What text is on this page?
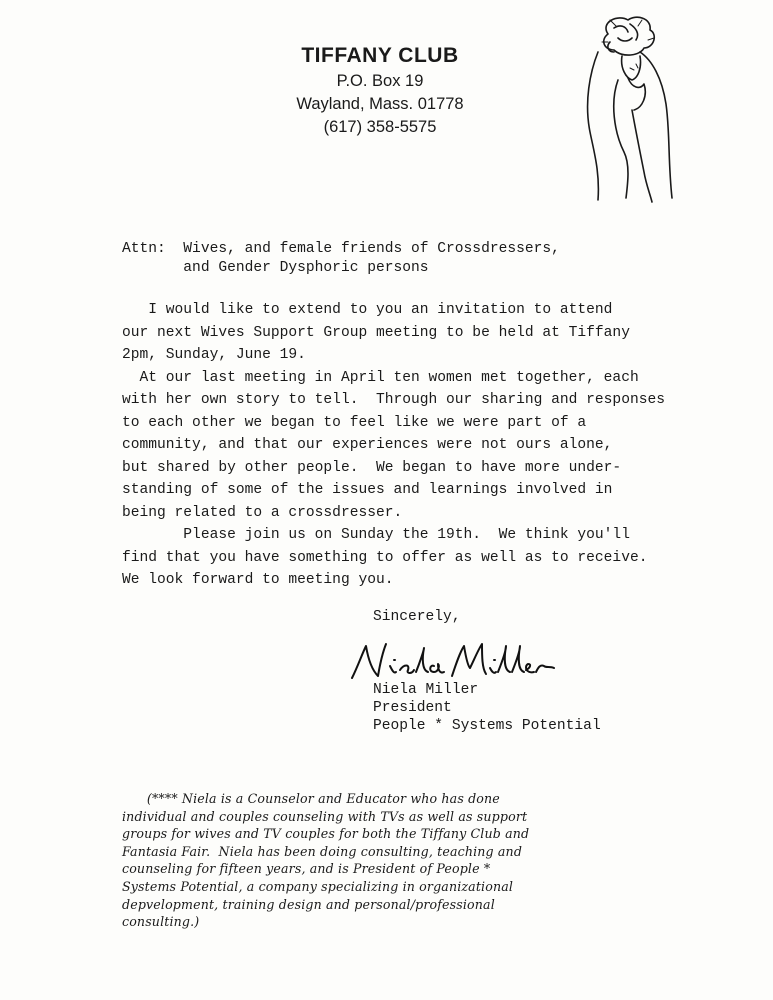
TIFFANY CLUB
P.O. Box 19
Wayland, Mass. 01778
(617) 358-5575
Attn:  Wives, and female friends of Crossdressers,
and Gender Dysphoric persons
I would like to extend to you an invitation to attend
our next Wives Support Group meeting to be held at Tiffany
2pm, Sunday, June 19.
At our last meeting in April ten women met together, each
with her own story to tell.  Through our sharing and responses
to each other we began to feel like we were part of a
community, and that our experiences were not ours alone,
but shared by other people.  We began to have more under-
standing of some of the issues and learnings involved in
being related to a crossdresser.
Please join us on Sunday the 19th.  We think you'll
find that you have something to offer as well as to receive.
We look forward to meeting you.
Sincerely,
Niela Miller
President
People * Systems Potential
(**** Niela is a Counselor and Educator who has done
individual and couples counseling with TVs as well as support
groups for wives and TV couples for both the Tiffany Club and
Fantasia Fair.  Niela has been doing consulting, teaching and
counseling for fifteen years, and is President of People *
Systems Potential, a company specializing in organizational
depvelopment, training design and personal/professional
consulting.)
